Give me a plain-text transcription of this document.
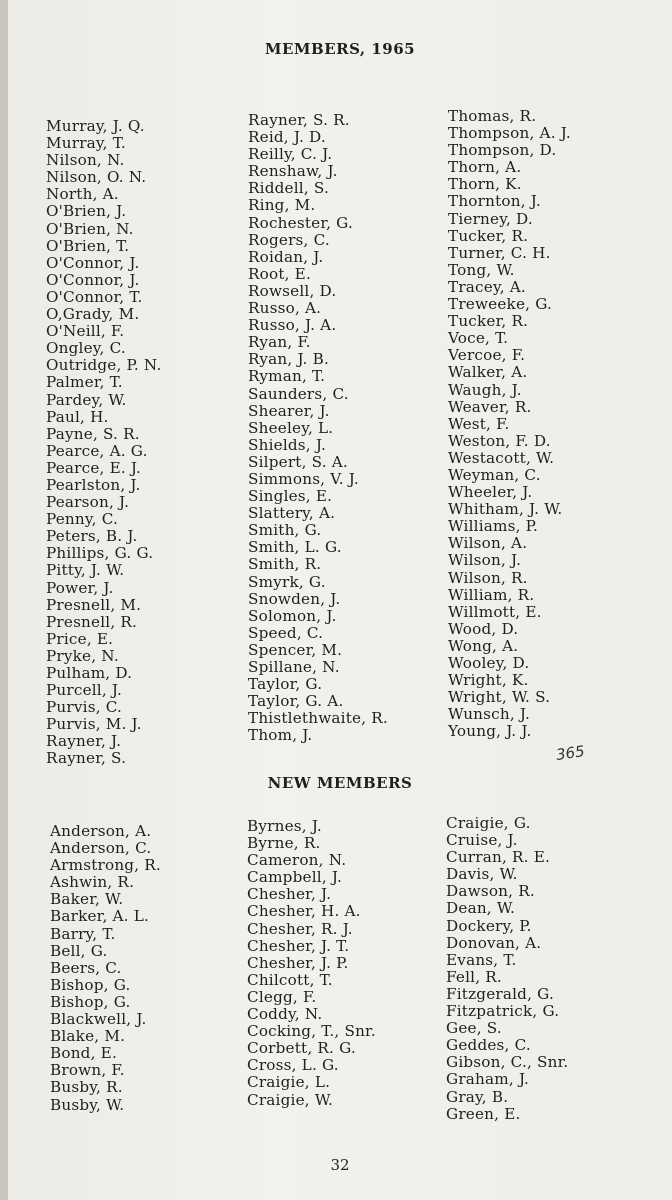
MEMBERS, 1965
Murray, J. Q.
Murray, T.
Nilson, N.
Nilson, O. N.
North, A.
O'Brien, J.
O'Brien, N.
O'Brien, T.
O'Connor, J.
O'Connor, J.
O'Connor, T.
O,Grady, M.
O'Neill, F.
Ongley, C.
Outridge, P. N.
Palmer, T.
Pardey, W.
Paul, H.
Payne, S. R.
Pearce, A. G.
Pearce, E. J.
Pearlston, J.
Pearson, J.
Penny, C.
Peters, B. J.
Phillips, G. G.
Pitty, J. W.
Power, J.
Presnell, M.
Presnell, R.
Price, E.
Pryke, N.
Pulham, D.
Purcell, J.
Purvis, C.
Purvis, M. J.
Rayner, J.
Rayner, S.
Rayner, S. R.
Reid, J. D.
Reilly, C. J.
Renshaw, J.
Riddell, S.
Ring, M.
Rochester, G.
Rogers, C.
Roidan, J.
Root, E.
Rowsell, D.
Russo, A.
Russo, J. A.
Ryan, F.
Ryan, J. B.
Ryman, T.
Saunders, C.
Shearer, J.
Sheeley, L.
Shields, J.
Silpert, S. A.
Simmons, V. J.
Singles, E.
Slattery, A.
Smith, G.
Smith, L. G.
Smith, R.
Smyrk, G.
Snowden, J.
Solomon, J.
Speed, C.
Spencer, M.
Spillane, N.
Taylor, G.
Taylor, G. A.
Thistlethwaite, R.
Thom, J.
Thomas, R.
Thompson, A. J.
Thompson, D.
Thorn, A.
Thorn, K.
Thornton, J.
Tierney, D.
Tucker, R.
Turner, C. H.
Tong, W.
Tracey, A.
Treweeke, G.
Tucker, R.
Voce, T.
Vercoe, F.
Walker, A.
Waugh, J.
Weaver, R.
West, F.
Weston, F. D.
Westacott, W.
Weyman, C.
Wheeler, J.
Whitham, J. W.
Williams, P.
Wilson, A.
Wilson, J.
Wilson, R.
William, R.
Willmott, E.
Wood, D.
Wong, A.
Wooley, D.
Wright, K.
Wright, W. S.
Wunsch, J.
Young, J. J.
365
NEW MEMBERS
Anderson, A.
Anderson, C.
Armstrong, R.
Ashwin, R.
Baker, W.
Barker, A. L.
Barry, T.
Bell, G.
Beers, C.
Bishop, G.
Bishop, G.
Blackwell, J.
Blake, M.
Bond, E.
Brown, F.
Busby, R.
Busby, W.
Byrnes, J.
Byrne, R.
Cameron, N.
Campbell, J.
Chesher, J.
Chesher, H. A.
Chesher, R. J.
Chesher, J. T.
Chesher, J. P.
Chilcott, T.
Clegg, F.
Coddy, N.
Cocking, T., Snr.
Corbett, R. G.
Cross, L. G.
Craigie, L.
Craigie, W.
Craigie, G.
Cruise, J.
Curran, R. E.
Davis, W.
Dawson, R.
Dean, W.
Dockery, P.
Donovan, A.
Evans, T.
Fell, R.
Fitzgerald, G.
Fitzpatrick, G.
Gee, S.
Geddes, C.
Gibson, C., Snr.
Graham, J.
Gray, B.
Green, E.
32
